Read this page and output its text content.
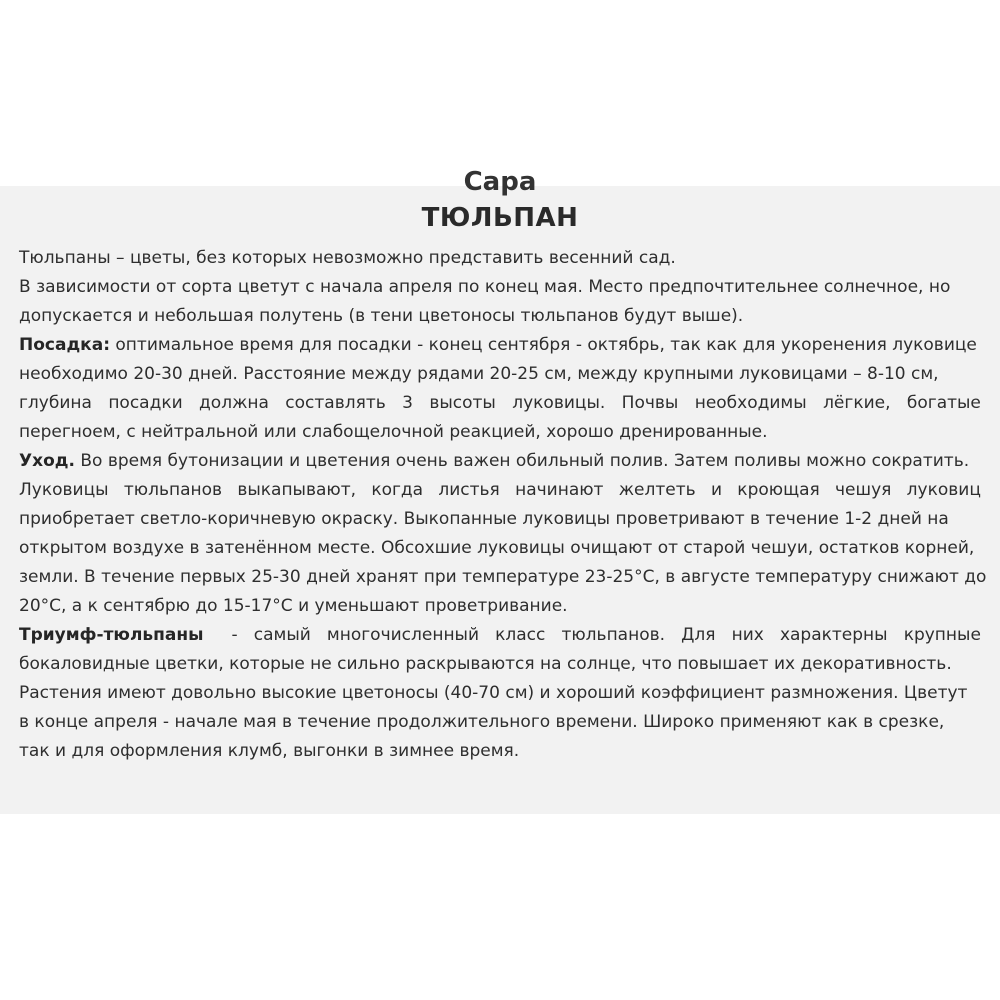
Сара
ТЮЛЬПАН
Тюльпаны – цветы, без которых невозможно представить весенний сад.
В зависимости от сорта цветут с начала апреля по конец мая. Место предпочтительнее солнечное, но
допускается и небольшая полутень (в тени цветоносы тюльпанов будут выше).
Посадка: оптимальное время для посадки - конец сентября - октябрь, так как для укоренения луковице
необходимо 20-30 дней. Расстояние между рядами 20-25 см, между крупными луковицами – 8-10 см,
глубина посадки должна составлять 3 высоты луковицы. Почвы необходимы лёгкие, богатые
перегноем, с нейтральной или слабощелочной реакцией, хорошо дренированные.
Уход. Во время бутонизации и цветения очень важен обильный полив. Затем поливы можно сократить.
Луковицы тюльпанов выкапывают, когда листья начинают желтеть и кроющая чешуя луковиц
приобретает светло-коричневую окраску. Выкопанные луковицы проветривают в течение 1-2 дней на
открытом воздухе в затенённом месте. Обсохшие луковицы очищают от старой чешуи, остатков корней,
земли. В течение первых 25-30 дней хранят при температуре 23-25°С, в августе температуру снижают до
20°С, а к сентябрю до 15-17°С и уменьшают проветривание.
Триумф-тюльпаны - самый многочисленный класс тюльпанов. Для них характерны крупные
бокаловидные цветки, которые не сильно раскрываются на солнце, что повышает их декоративность.
Растения имеют довольно высокие цветоносы (40-70 см) и хороший коэффициент размножения. Цветут
в конце апреля - начале мая в течение продолжительного времени. Широко применяют как в срезке,
так и для оформления клумб, выгонки в зимнее время.
